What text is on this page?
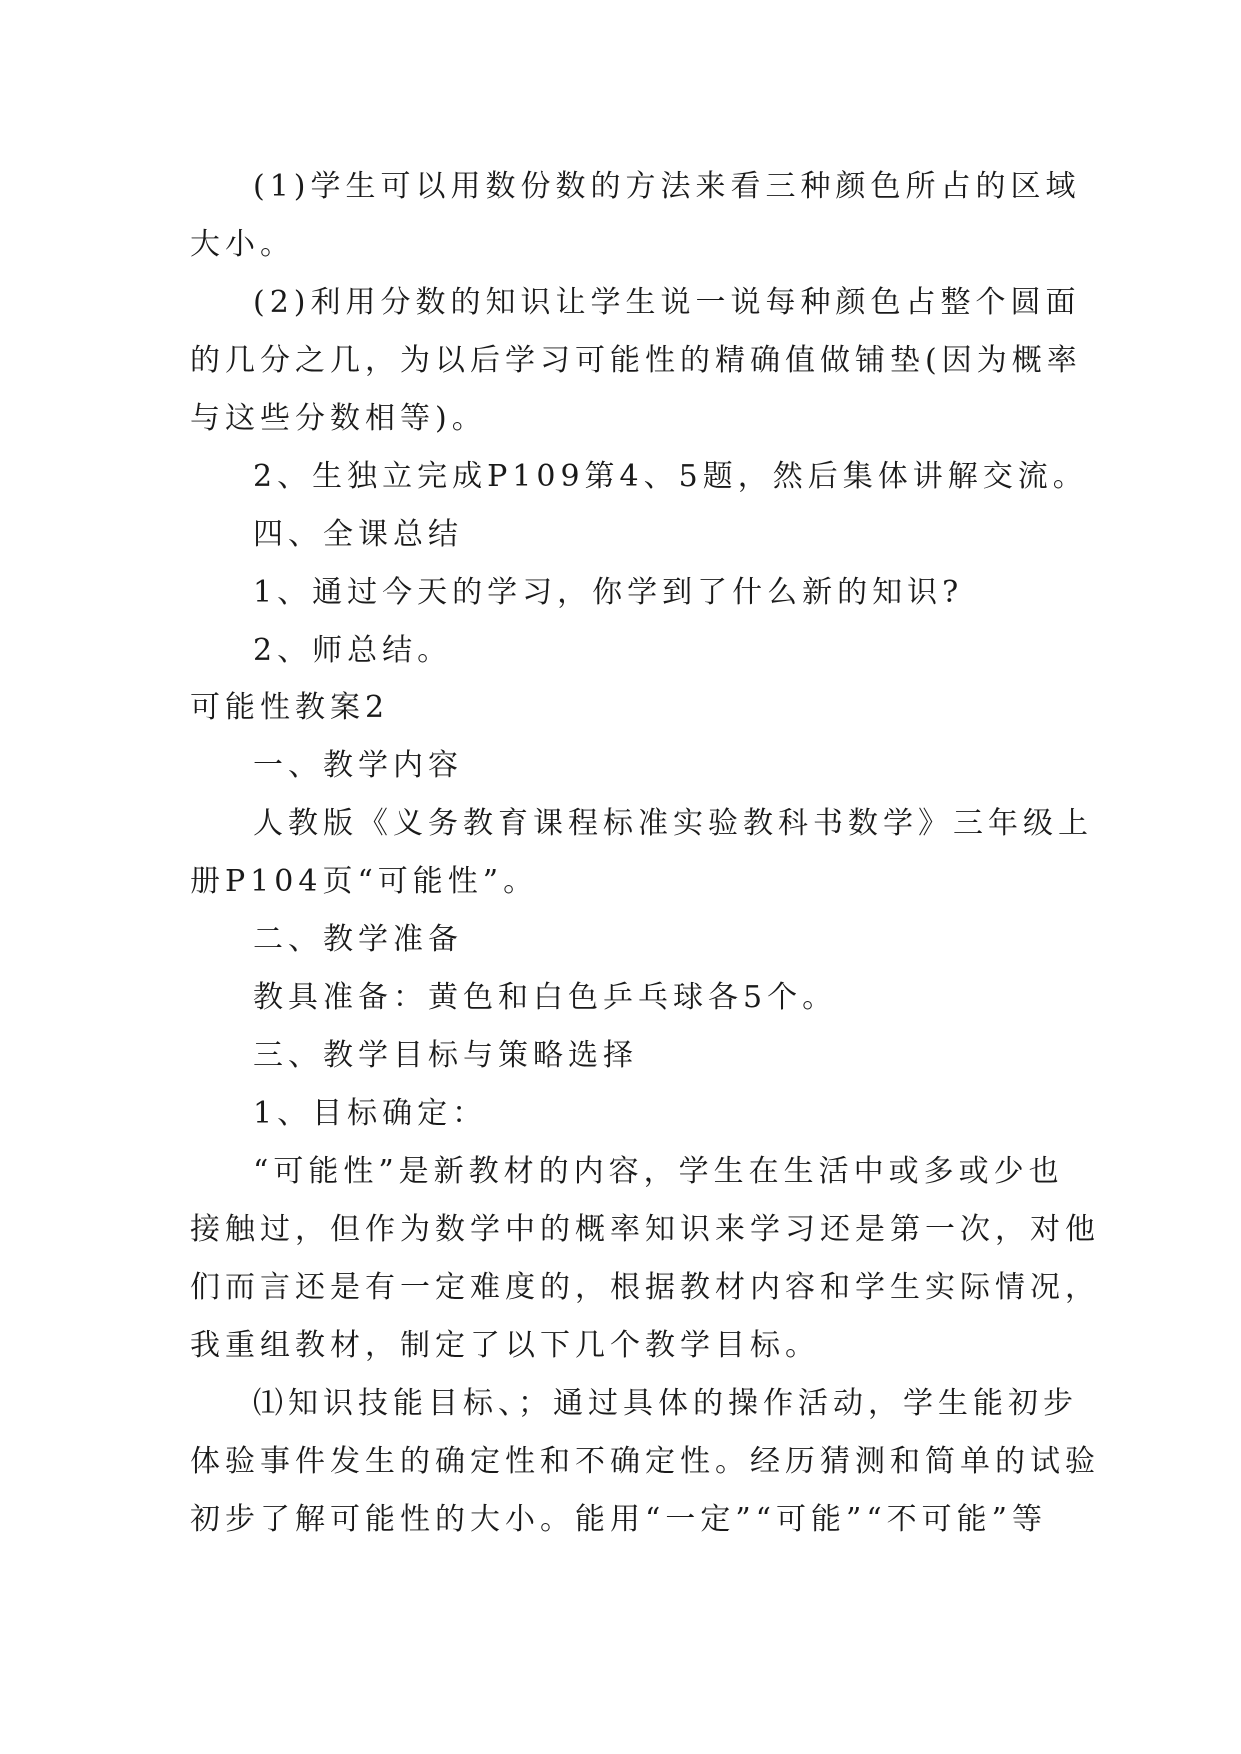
(1)学生可以用数份数的方法来看三种颜色所占的区域
大小。
(2)利用分数的知识让学生说一说每种颜色占整个圆面
的几分之几，为以后学习可能性的精确值做铺垫(因为概率
与这些分数相等)。
2、生独立完成P109第4、5题，然后集体讲解交流。
四、全课总结
1、通过今天的学习，你学到了什么新的知识?
2、师总结。
可能性教案2
一、教学内容
人教版《义务教育课程标准实验教科书数学》三年级上
册P104页“可能性”。
二、教学准备
教具准备：黄色和白色乒乓球各5个。
三、教学目标与策略选择
1、目标确定：
“可能性”是新教材的内容，学生在生活中或多或少也
接触过，但作为数学中的概率知识来学习还是第一次，对他
们而言还是有一定难度的，根据教材内容和学生实际情况，
我重组教材，制定了以下几个教学目标。
⑴知识技能目标、；通过具体的操作活动，学生能初步
体验事件发生的确定性和不确定性。经历猜测和简单的试验
初步了解可能性的大小。能用“一定”“可能”“不可能”等
